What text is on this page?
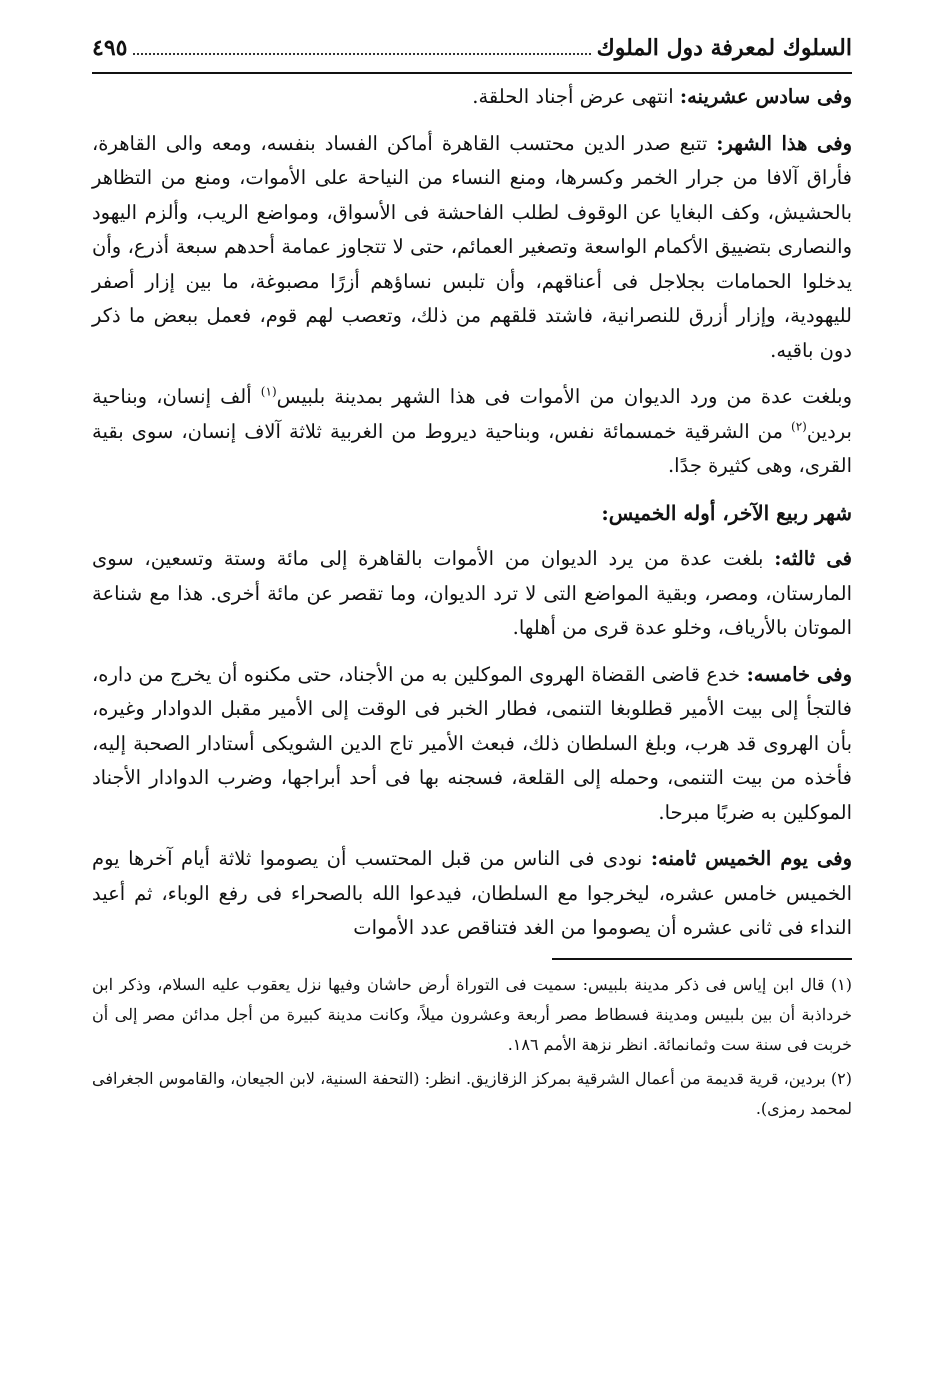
السلوك لمعرفة دول الملوك
٤٩٥

وفى سادس عشرينه: انتهى عرض أجناد الحلقة.

وفى هذا الشهر: تتبع صدر الدين محتسب القاهرة أماكن الفساد بنفسه، ومعه والى القاهرة، فأراق آلافا من جرار الخمر وكسرها، ومنع النساء من النياحة على الأموات، ومنع من التظاهر بالحشيش، وكف البغايا عن الوقوف لطلب الفاحشة فى الأسواق، ومواضع الريب، وألزم اليهود والنصارى بتضييق الأكمام الواسعة وتصغير العمائم، حتى لا تتجاوز عمامة أحدهم سبعة أذرع، وأن يدخلوا الحمامات بجلاجل فى أعناقهم، وأن تلبس نساؤهم أزرًا مصبوغة، ما بين إزار أصفر لليهودية، وإزار أزرق للنصرانية، فاشتد قلقهم من ذلك، وتعصب لهم قوم، فعمل ببعض ما ذكر دون باقيه.

وبلغت عدة من ورد الديوان من الأموات فى هذا الشهر بمدينة بلبيس$^{(١)}$ ألف إنسان، وبناحية بردين$^{(٢)}$ من الشرقية خمسمائة نفس، وبناحية ديروط من الغربية ثلاثة آلاف إنسان، سوى بقية القرى، وهى كثيرة جدًا.

شهر ربيع الآخر، أوله الخميس:

فى ثالثه: بلغت عدة من يرد الديوان من الأموات بالقاهرة إلى مائة وستة وتسعين، سوى المارستان، ومصر، وبقية المواضع التى لا ترد الديوان، وما تقصر عن مائة أخرى. هذا مع شناعة الموتان بالأرياف، وخلو عدة قرى من أهلها.

وفى خامسه: خدع قاضى القضاة الهروى الموكلين به من الأجناد، حتى مكنوه أن يخرج من داره، فالتجأ إلى بيت الأمير قطلوبغا التنمى، فطار الخبر فى الوقت إلى الأمير مقبل الدوادار وغيره، بأن الهروى قد هرب، وبلغ السلطان ذلك، فبعث الأمير تاج الدين الشويكى أستادار الصحبة إليه، فأخذه من بيت التنمى، وحمله إلى القلعة، فسجنه بها فى أحد أبراجها، وضرب الدوادار الأجناد الموكلين به ضربًا مبرحا.

وفى يوم الخميس ثامنه: نودى فى الناس من قبل المحتسب أن يصوموا ثلاثة أيام آخرها يوم الخميس خامس عشره، ليخرجوا مع السلطان، فيدعوا الله بالصحراء فى رفع الوباء، ثم أعيد النداء فى ثانى عشره أن يصوموا من الغد فتناقص عدد الأموات

(١) قال ابن إياس فى ذكر مدينة بلبيس: سميت فى التوراة أرض حاشان وفيها نزل يعقوب عليه السلام، وذكر ابن خرداذبة أن بين بلبيس ومدينة فسطاط مصر أربعة وعشرون ميلاً، وكانت مدينة كبيرة من أجل مدائن مصر إلى أن خربت فى سنة ست وثمانمائة. انظر نزهة الأمم ١٨٦.

(٢) بردين، قرية قديمة من أعمال الشرقية بمركز الزقازيق. انظر: (التحفة السنية، لابن الجيعان، والقاموس الجغرافى لمحمد رمزى).
